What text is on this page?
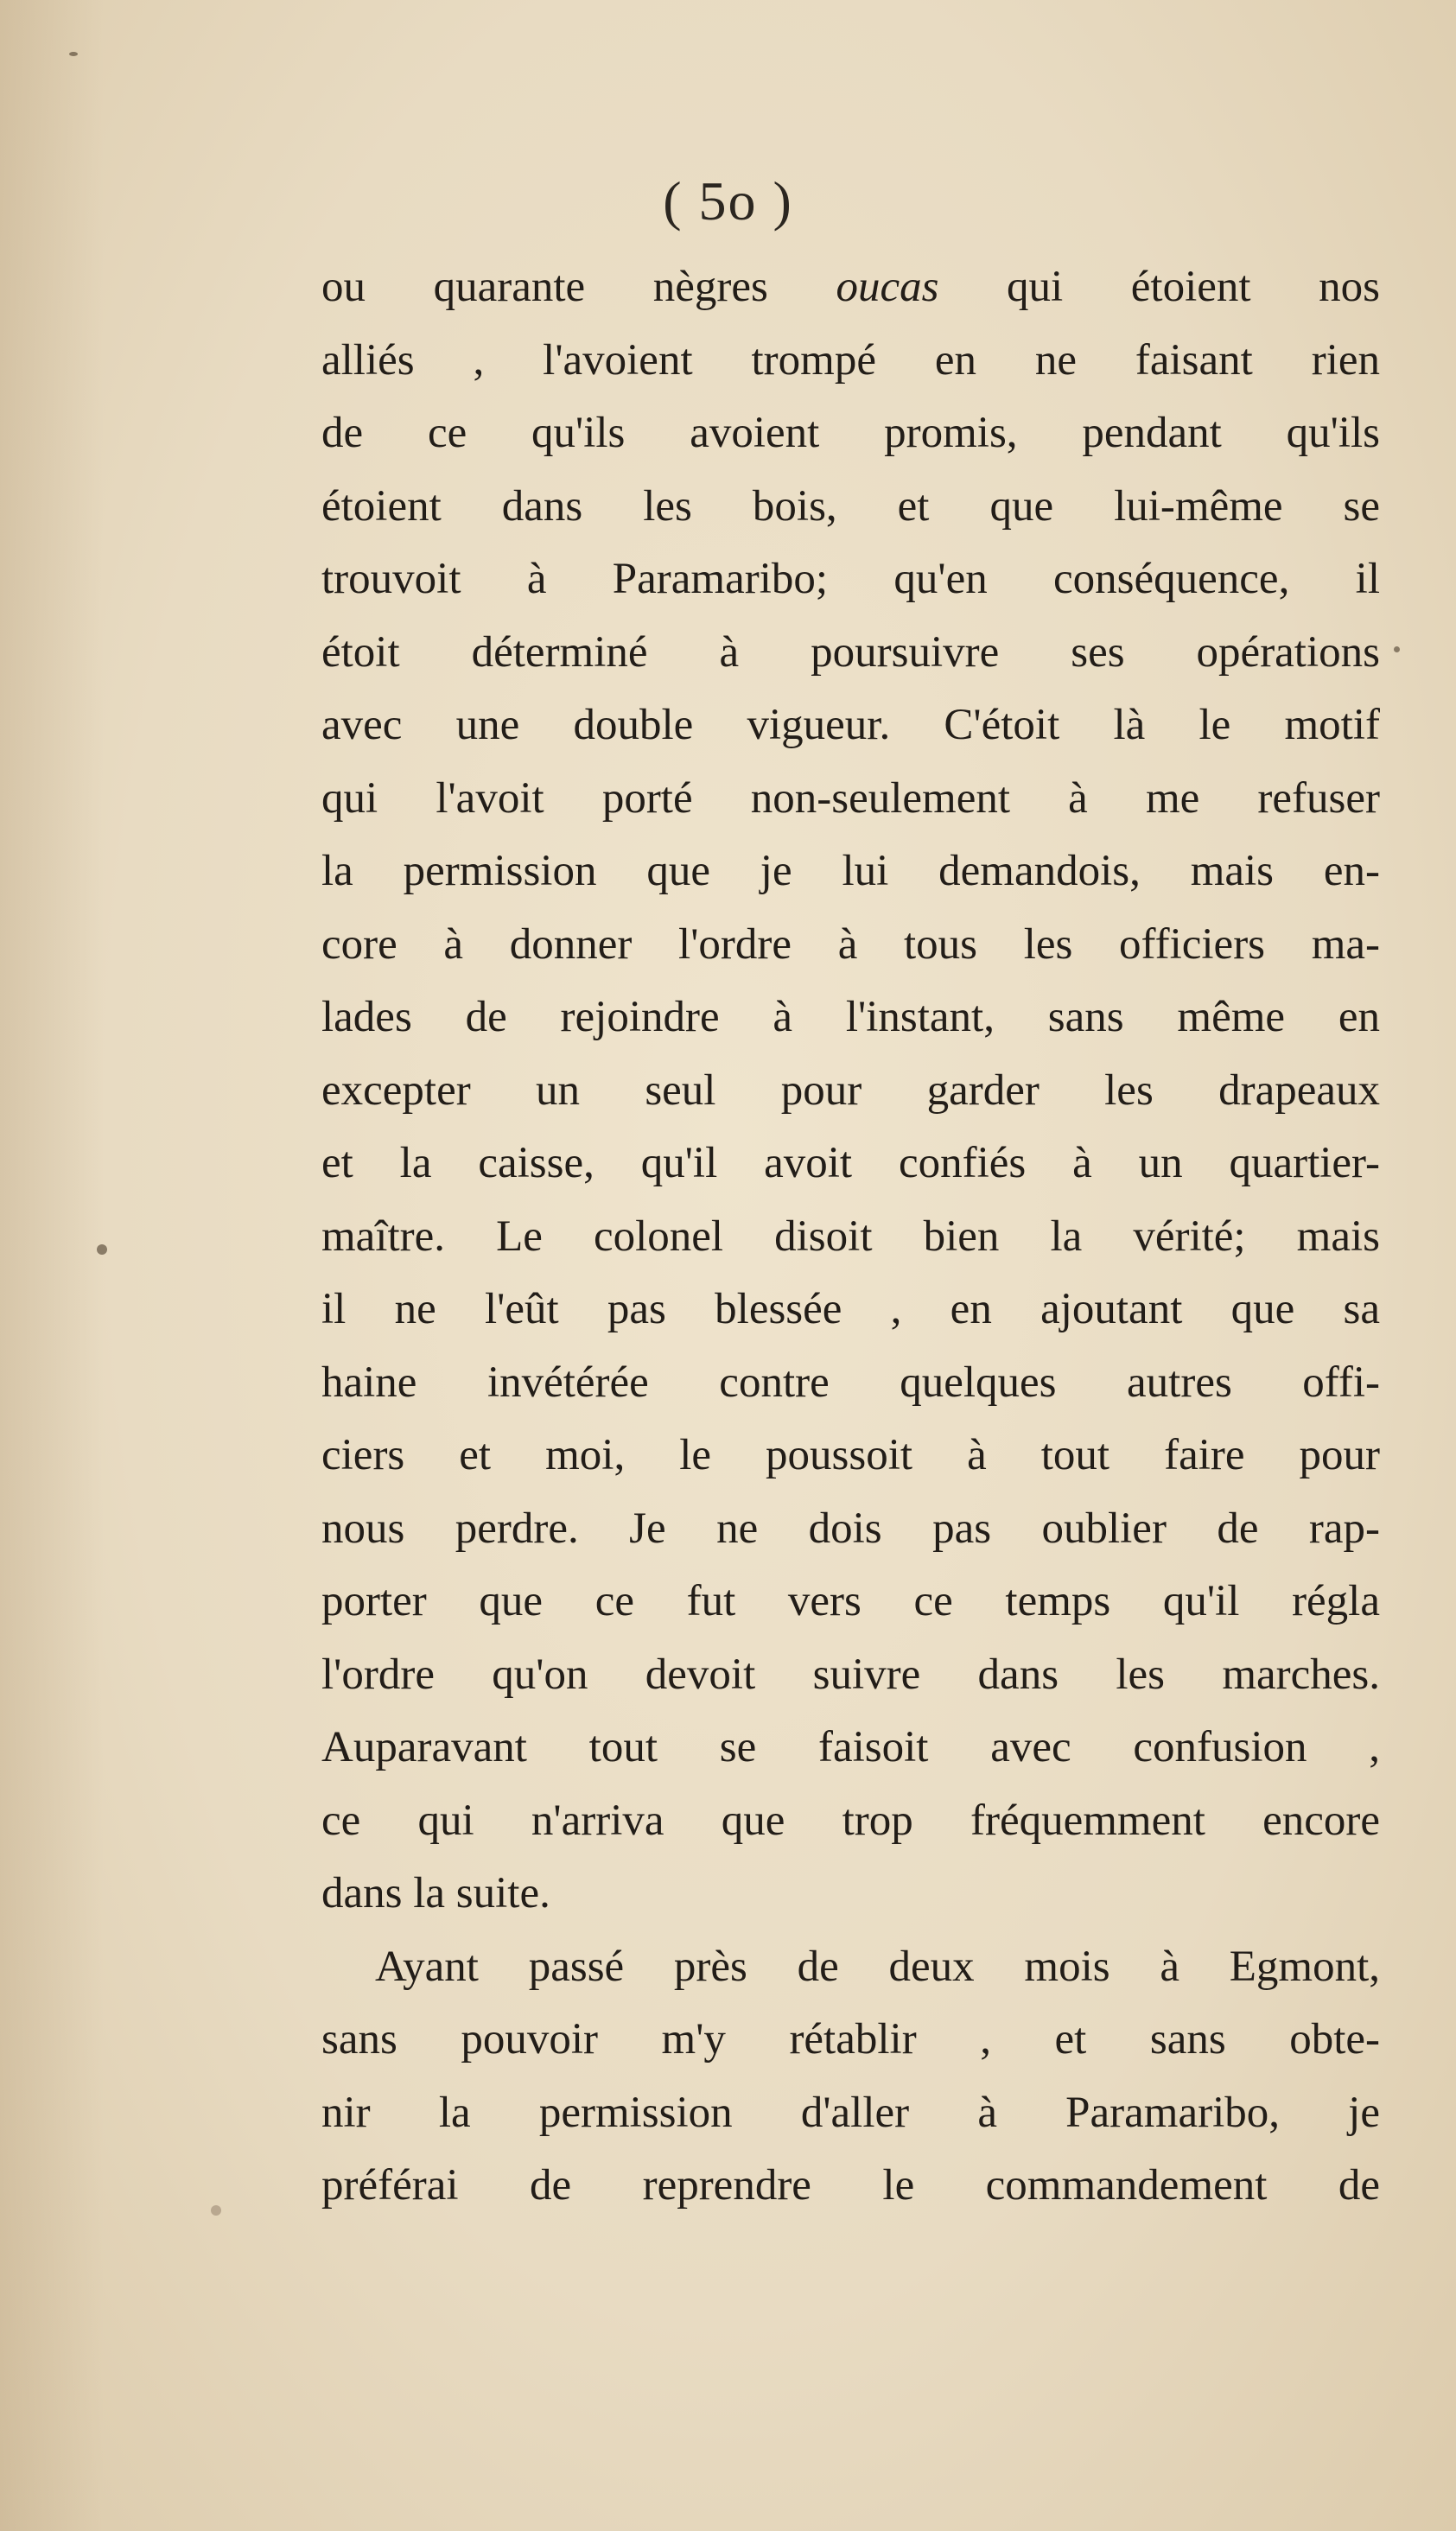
( 5o )
ou quarante nègres oucas qui étoient nos
alliés , l'avoient trompé en ne faisant rien
de ce qu'ils avoient promis, pendant qu'ils
étoient dans les bois, et que lui-même se
trouvoit à Paramaribo; qu'en conséquence, il
étoit déterminé à poursuivre ses opérations
avec une double vigueur. C'étoit là le motif
qui l'avoit porté non-seulement à me refuser
la permission que je lui demandois, mais en-
core à donner l'ordre à tous les officiers ma-
lades de rejoindre à l'instant, sans même en
excepter un seul pour garder les drapeaux
et la caisse, qu'il avoit confiés à un quartier-
maître. Le colonel disoit bien la vérité; mais
il ne l'eût pas blessée , en ajoutant que sa
haine invétérée contre quelques autres offi-
ciers et moi, le poussoit à tout faire pour
nous perdre. Je ne dois pas oublier de rap-
porter que ce fut vers ce temps qu'il régla
l'ordre qu'on devoit suivre dans les marches.
Auparavant tout se faisoit avec confusion ,
ce qui n'arriva que trop fréquemment encore
dans la suite.
Ayant passé près de deux mois à Egmont,
sans pouvoir m'y rétablir , et sans obte-
nir la permission d'aller à Paramaribo, je
préférai de reprendre le commandement de
